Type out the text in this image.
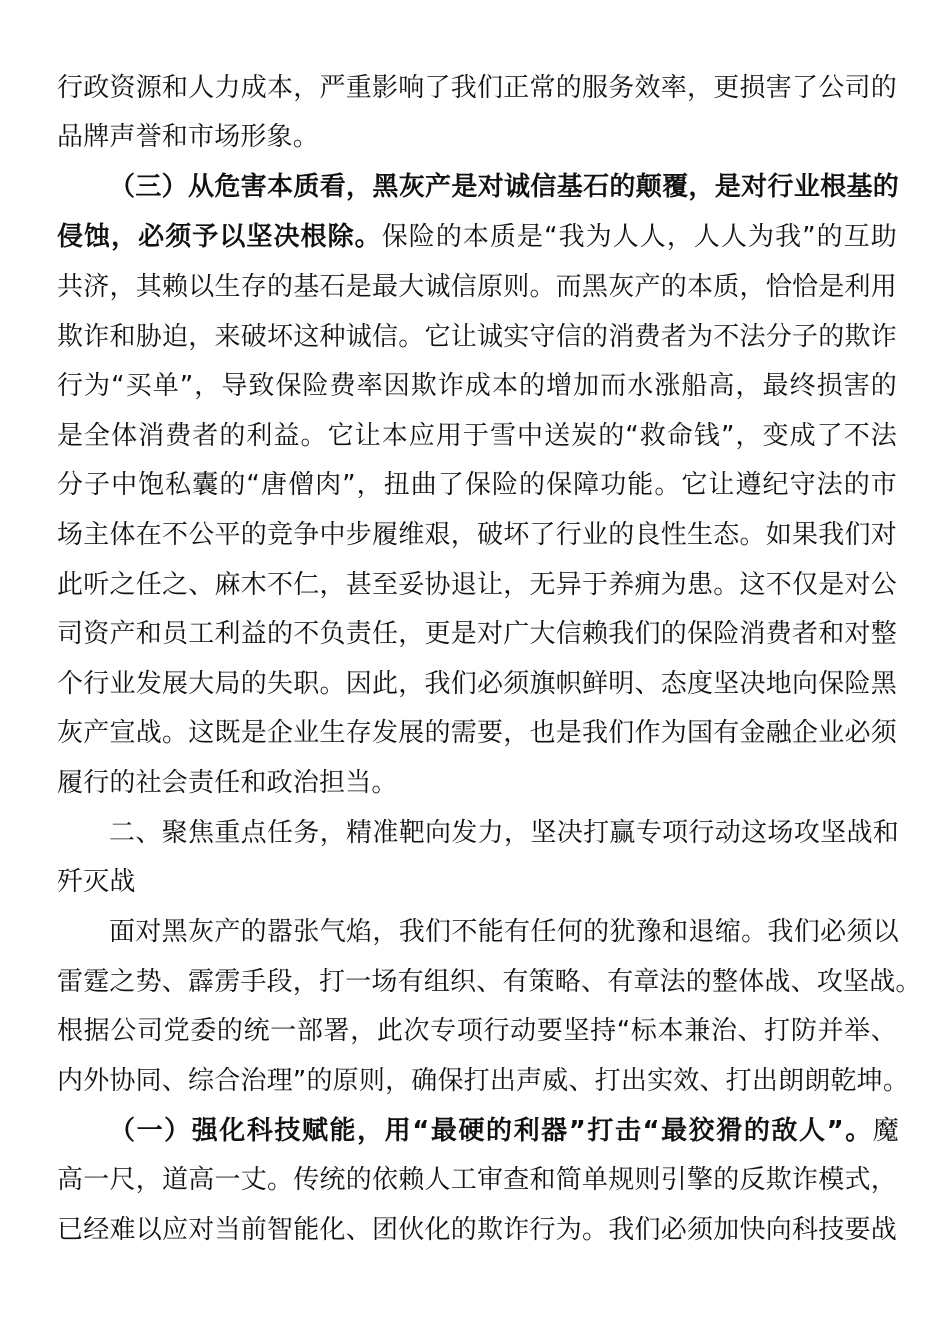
行政资源和人力成本，严重影响了我们正常的服务效率，更损害了公司的
品牌声誉和市场形象。
（三）从危害本质看，黑灰产是对诚信基石的颠覆，是对行业根基的
侵蚀，必须予以坚决根除。保险的本质是“我为人人，人人为我”的互助
共济，其赖以生存的基石是最大诚信原则。而黑灰产的本质，恰恰是利用
欺诈和胁迫，来破坏这种诚信。它让诚实守信的消费者为不法分子的欺诈
行为“买单”，导致保险费率因欺诈成本的增加而水涨船高，最终损害的
是全体消费者的利益。它让本应用于雪中送炭的“救命钱”，变成了不法
分子中饱私囊的“唐僧肉”，扭曲了保险的保障功能。它让遵纪守法的市
场主体在不公平的竞争中步履维艰，破坏了行业的良性生态。如果我们对
此听之任之、麻木不仁，甚至妥协退让，无异于养痈为患。这不仅是对公
司资产和员工利益的不负责任，更是对广大信赖我们的保险消费者和对整
个行业发展大局的失职。因此，我们必须旗帜鲜明、态度坚决地向保险黑
灰产宣战。这既是企业生存发展的需要，也是我们作为国有金融企业必须
履行的社会责任和政治担当。
二、聚焦重点任务，精准靶向发力，坚决打赢专项行动这场攻坚战和
歼灭战
面对黑灰产的嚣张气焰，我们不能有任何的犹豫和退缩。我们必须以
雷霆之势、霹雳手段，打一场有组织、有策略、有章法的整体战、攻坚战。
根据公司党委的统一部署，此次专项行动要坚持“标本兼治、打防并举、
内外协同、综合治理”的原则，确保打出声威、打出实效、打出朗朗乾坤。
（一）强化科技赋能，用“最硬的利器”打击“最狡猾的敌人”。魔
高一尺，道高一丈。传统的依赖人工审查和简单规则引擎的反欺诈模式，
已经难以应对当前智能化、团伙化的欺诈行为。我们必须加快向科技要战
